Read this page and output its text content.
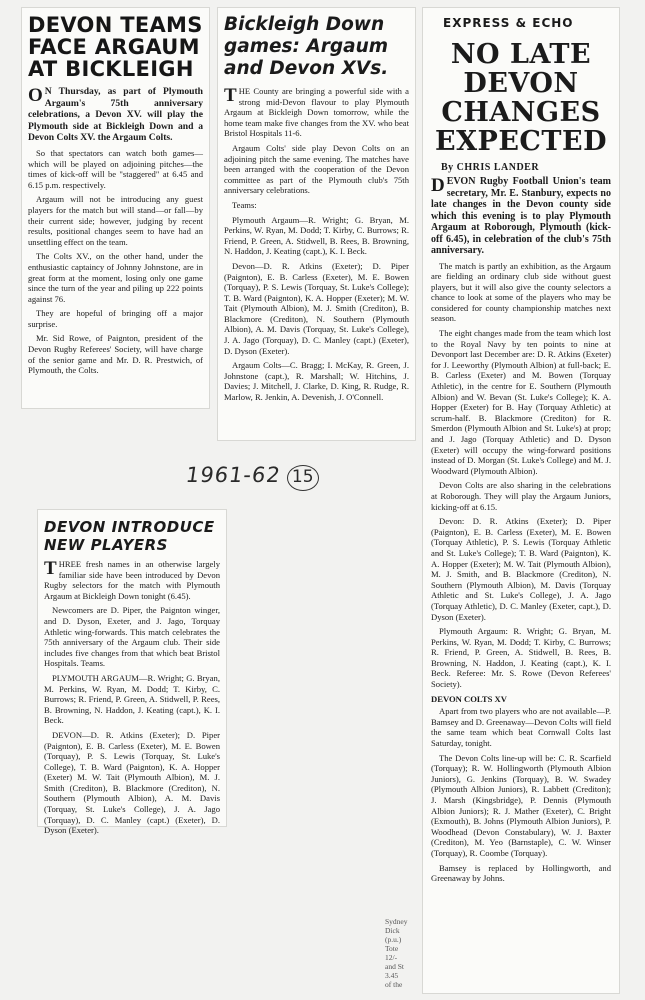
DEVON TEAMS FACE ARGAUM AT BICKLEIGH

O N Thursday, as part of Plymouth Argaum's 75th anniversary celebrations, a Devon XV. will play the Plymouth side at Bickleigh Down and a Devon Colts XV. the Argaum Colts.

So that spectators can watch both games—which will be played on adjoining pitches—the times of kick-off will be "staggered" at 6.45 and 6.15 p.m. respectively.

Argaum will not be introducing any guest players for the match but will stand—or fall—by their current side; however, judging by recent results, positional changes seem to have had an unsettling effect on the team.

The Colts XV., on the other hand, under the enthusiastic captaincy of Johnny Johnstone, are in great form at the moment, losing only one game since the turn of the year and piling up 222 points against 76.

They are hopeful of bringing off a major surprise.

Mr. Sid Rowe, of Paignton, president of the Devon Rugby Referees' Society, will have charge of the senior game and Mr. D. R. Prestwich, of Plymouth, the Colts.

Bickleigh Down games: Argaum and Devon XVs.

THE County are bringing a powerful side with a strong mid-Devon flavour to play Plymouth Argaum at Bickleigh Down tomorrow, while the home team make five changes from the XV. who beat Bristol Hospitals 11-6.

Argaum Colts' side play Devon Colts on an adjoining pitch the same evening. The matches have been arranged with the cooperation of the Devon committee as part of the Plymouth club's 75th anniversary celebrations.

Teams:

Plymouth Argaum—R. Wright; G. Bryan, M. Perkins, W. Ryan, M. Dodd; T. Kirby, C. Burrows; R. Friend, P. Green, A. Stidwell, B. Rees, B. Browning, N. Haddon, J. Keating (capt.), K. I. Beck.

Devon—D. R. Atkins (Exeter); D. Piper (Paignton), E. B. Carless (Exeter), M. E. Bowen (Torquay), P. S. Lewis (Torquay, St. Luke's College); T. B. Ward (Paignton), K. A. Hopper (Exeter); M. W. Tait (Plymouth Albion), M. J. Smith (Crediton), B. Blackmore (Crediton), N. Southern (Plymouth Albion), A. M. Davis (Torquay, St. Luke's College), J. A. Jago (Torquay), D. C. Manley (capt.) (Exeter), D. Dyson (Exeter).

Argaum Colts—C. Bragg; I. McKay, R. Green, J. Johnstone (capt.), R. Marshall; W. Hitchins, J. Davies; J. Mitchell, J. Clarke, D. King, R. Rudge, R. Marlow, R. Jenkin, A. Devenish, J. O'Connell.

1961-62 15
DEVON INTRODUCE NEW PLAYERS

THREE fresh names in an otherwise largely familiar side have been introduced by Devon Rugby selectors for the match with Plymouth Argaum at Bickleigh Down tonight (6.45).

Newcomers are D. Piper, the Paignton winger, and D. Dyson, Exeter, and J. Jago, Torquay Athletic wing-forwards. This match celebrates the 75th anniversary of the Argaum club. Their side includes five changes from that which beat Bristol Hospitals. Teams.

PLYMOUTH ARGAUM—R. Wright; G. Bryan, M. Perkins, W. Ryan, M. Dodd; T. Kirby, C. Burrows; R. Friend, P. Green, A. Stidwell, P. Rees, B. Browning, N. Haddon, J. Keating (capt.), K. I. Beck.

DEVON—D. R. Atkins (Exeter); D. Piper (Paignton), E. B. Carless (Exeter), M. E. Bowen (Torquay), P. S. Lewis (Torquay, St. Luke's College), T. B. Ward (Paignton), K. A. Hopper (Exeter) M. W. Tait (Plymouth Albion), M. J. Smith (Crediton), B. Blackmore (Crediton), N. Southern (Plymouth Albion), A. M. Davis (Torquay, St. Luke's College), J. A. Jago (Torquay), D. C. Manley (capt.) (Exeter), D. Dyson (Exeter).

Sydney
Dick
(p.u.)
Tote
12/-
and St
3.45
of the
EXPRESS & ECHO
NO LATE DEVON CHANGES EXPECTED
By CHRIS LANDER

DEVON Rugby Football Union's team secretary, Mr. E. Stanbury, expects no late changes in the Devon county side which this evening is to play Plymouth Argaum at Roborough, Plymouth (kick-off 6.45), in celebration of the club's 75th anniversary.

The match is partly an exhibition, as the Argaum are fielding an ordinary club side without guest players, but it will also give the county selectors a chance to look at some of the players who may be considered for county championship matches next season.

The eight changes made from the team which lost to the Royal Navy by ten points to nine at Devonport last December are: D. R. Atkins (Exeter) for J. Leeworthy (Plymouth Albion) at full-back; E. B. Carless (Exeter) and M. Bowen (Torquay Athletic), in the centre for E. Southern (Plymouth Albion) and W. Bevan (St. Luke's College); K. A. Hopper (Exeter) for B. Hay (Torquay Athletic) at scrum-half. B. Blackmore (Crediton) for R. Smerdon (Plymouth Albion and St. Luke's) at prop; and J. Jago (Torquay Athletic) and D. Dyson (Exeter) will occupy the wing-forward positions instead of D. Morgan (St. Luke's College) and M. J. Woodward (Plymouth Albion).

Devon Colts are also sharing in the celebrations at Roborough. They will play the Argaum Juniors, kicking-off at 6.15.

Devon: D. R. Atkins (Exeter); D. Piper (Paignton), E. B. Carless (Exeter), M. E. Bowen (Torquay Athletic), P. S. Lewis (Torquay Athletic and St. Luke's College); T. B. Ward (Paignton), K. A. Hopper (Exeter); M. W. Tait (Plymouth Albion), M. J. Smith, and B. Blackmore (Crediton), N. Southern (Plymouth Albion), M. Davis (Torquay Athletic and St. Luke's College), J. A. Jago (Torquay Athletic), D. C. Manley (Exeter, capt.), D. Dyson (Exeter).

Plymouth Argaum: R. Wright; G. Bryan, M. Perkins, W. Ryan, M. Dodd; T. Kirby, C. Burrows; R. Friend, P. Green, A. Stidwell, B. Rees, B. Browning, N. Haddon, J. Keating (capt.), K. I. Beck. Referee: Mr. S. Rowe (Devon Referees' Society).

DEVON COLTS XV

Apart from two players who are not available—P. Bamsey and D. Greenaway—Devon Colts will field the same team which beat Cornwall Colts last Saturday, tonight.

The Devon Colts line-up will be: C. R. Scarfield (Torquay); R. W. Hollingworth (Plymouth Albion Juniors), G. Jenkins (Torquay), B. W. Swadey (Plymouth Albion Juniors), R. Labbett (Crediton); J. Marsh (Kingsbridge), P. Dennis (Plymouth Albion Juniors); R. J. Mather (Exeter), C. Bright (Exmouth), B. Johns (Plymouth Albion Juniors), P. Woodhead (Devon Constabulary), W. J. Baxter (Crediton), M. Yeo (Barnstaple), C. W. Winser (Torquay), R. Coombe (Torquay).

Bamsey is replaced by Hollingworth, and Greenaway by Johns.
